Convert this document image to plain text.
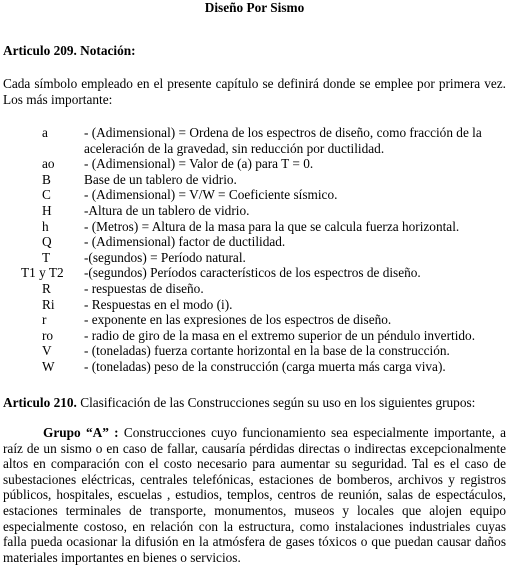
Diseño Por Sismo
Articulo 209. Notación:
Cada símbolo empleado en el presente capítulo se definirá donde se emplee por primera vez. Los más importante:
a	- (Adimensional) = Ordena de los espectros de diseño, como fracción de la aceleración de la gravedad, sin reducción por ductilidad.
ao - (Adimensional) = Valor de (a) para T = 0.
B Base de un tablero de vidrio.
C - (Adimensional) = V/W = Coeficiente sísmico.
H -Altura de un tablero de vidrio.
h	- (Metros) = Altura de la masa para la que se calcula fuerza horizontal.
Q - (Adimensional) factor de ductilidad.
T	-(segundos) = Período natural.
T1 y T2 -(segundos) Períodos característicos de los espectros de diseño.
R - respuestas de diseño.
Ri - Respuestas en el modo (i).
r	- exponente en las expresiones de los espectros de diseño.
ro - radio de giro de la masa en el extremo superior de un péndulo invertido.
V - (toneladas) fuerza cortante horizontal en la base de la construcción.
W - (toneladas) peso de la construcción (carga muerta más carga viva).
Articulo 210. Clasificación de las Construcciones según su uso en los siguientes grupos:

Grupo “A” : Construcciones cuyo funcionamiento sea especialmente importante, a raíz de un sismo o en caso de fallar, causaría pérdidas directas o indirectas excepcionalmente altos en comparación con el costo necesario para aumentar su seguridad. Tal es el caso de subestaciones eléctricas, centrales telefónicas, estaciones de bomberos, archivos y registros públicos, hospitales, escuelas , estudios, templos, centros de reunión, salas de espectáculos, estaciones terminales de transporte, monumentos, museos y locales que alojen equipo especialmente costoso, en relación con la estructura, como instalaciones industriales cuyas falla pueda ocasionar la difusión en la atmósfera de gases tóxicos o que puedan causar daños materiales importantes en bienes o servicios.
